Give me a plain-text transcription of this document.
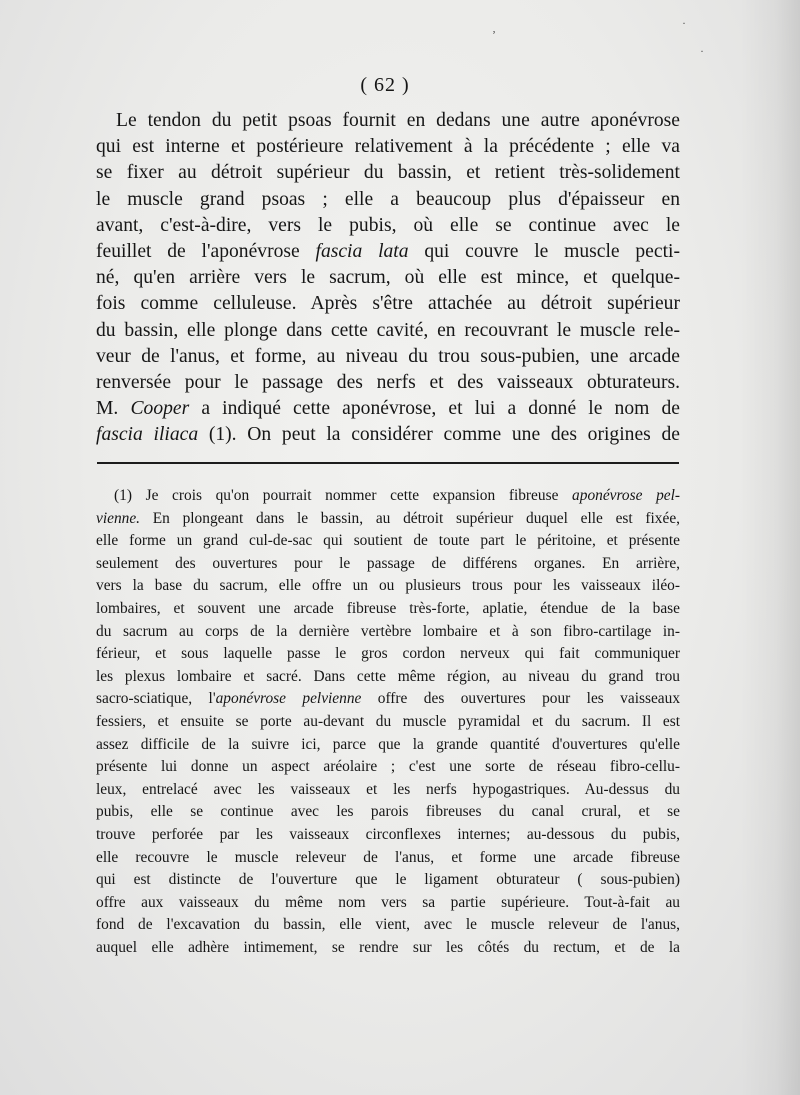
ʼ
·
·
( 62 )
Le tendon du petit psoas fournit en dedans une autre aponévrose
qui est interne et postérieure relativement à la précédente ; elle va
se fixer au détroit supérieur du bassin, et retient très-solidement
le muscle grand psoas ; elle a beaucoup plus d'épaisseur en
avant, c'est-à-dire, vers le pubis, où elle se continue avec le
feuillet de l'aponévrose fascia lata qui couvre le muscle pecti-
né, qu'en arrière vers le sacrum, où elle est mince, et quelque-
fois comme celluleuse. Après s'être attachée au détroit supérieur
du bassin, elle plonge dans cette cavité, en recouvrant le muscle rele-
veur de l'anus, et forme, au niveau du trou sous-pubien, une arcade
renversée pour le passage des nerfs et des vaisseaux obturateurs.
M. Cooper a indiqué cette aponévrose, et lui a donné le nom de
fascia iliaca (1). On peut la considérer comme une des origines de
(1) Je crois qu'on pourrait nommer cette expansion fibreuse aponévrose pel-
vienne. En plongeant dans le bassin, au détroit supérieur duquel elle est fixée,
elle forme un grand cul-de-sac qui soutient de toute part le péritoine, et présente
seulement des ouvertures pour le passage de différens organes. En arrière,
vers la base du sacrum, elle offre un ou plusieurs trous pour les vaisseaux iléo-
lombaires, et souvent une arcade fibreuse très-forte, aplatie, étendue de la base
du sacrum au corps de la dernière vertèbre lombaire et à son fibro-cartilage in-
férieur, et sous laquelle passe le gros cordon nerveux qui fait communiquer
les plexus lombaire et sacré. Dans cette même région, au niveau du grand trou
sacro-sciatique, l'aponévrose pelvienne offre des ouvertures pour les vaisseaux
fessiers, et ensuite se porte au-devant du muscle pyramidal et du sacrum. Il est
assez difficile de la suivre ici, parce que la grande quantité d'ouvertures qu'elle
présente lui donne un aspect aréolaire ; c'est une sorte de réseau fibro-cellu-
leux, entrelacé avec les vaisseaux et les nerfs hypogastriques. Au-dessus du
pubis, elle se continue avec les parois fibreuses du canal crural, et se
trouve perforée par les vaisseaux circonflexes internes; au-dessous du pubis,
elle recouvre le muscle releveur de l'anus, et forme une arcade fibreuse
qui est distincte de l'ouverture que le ligament obturateur ( sous-pubien)
offre aux vaisseaux du même nom vers sa partie supérieure. Tout-à-fait au
fond de l'excavation du bassin, elle vient, avec le muscle releveur de l'anus,
auquel elle adhère intimement, se rendre sur les côtés du rectum, et de la
